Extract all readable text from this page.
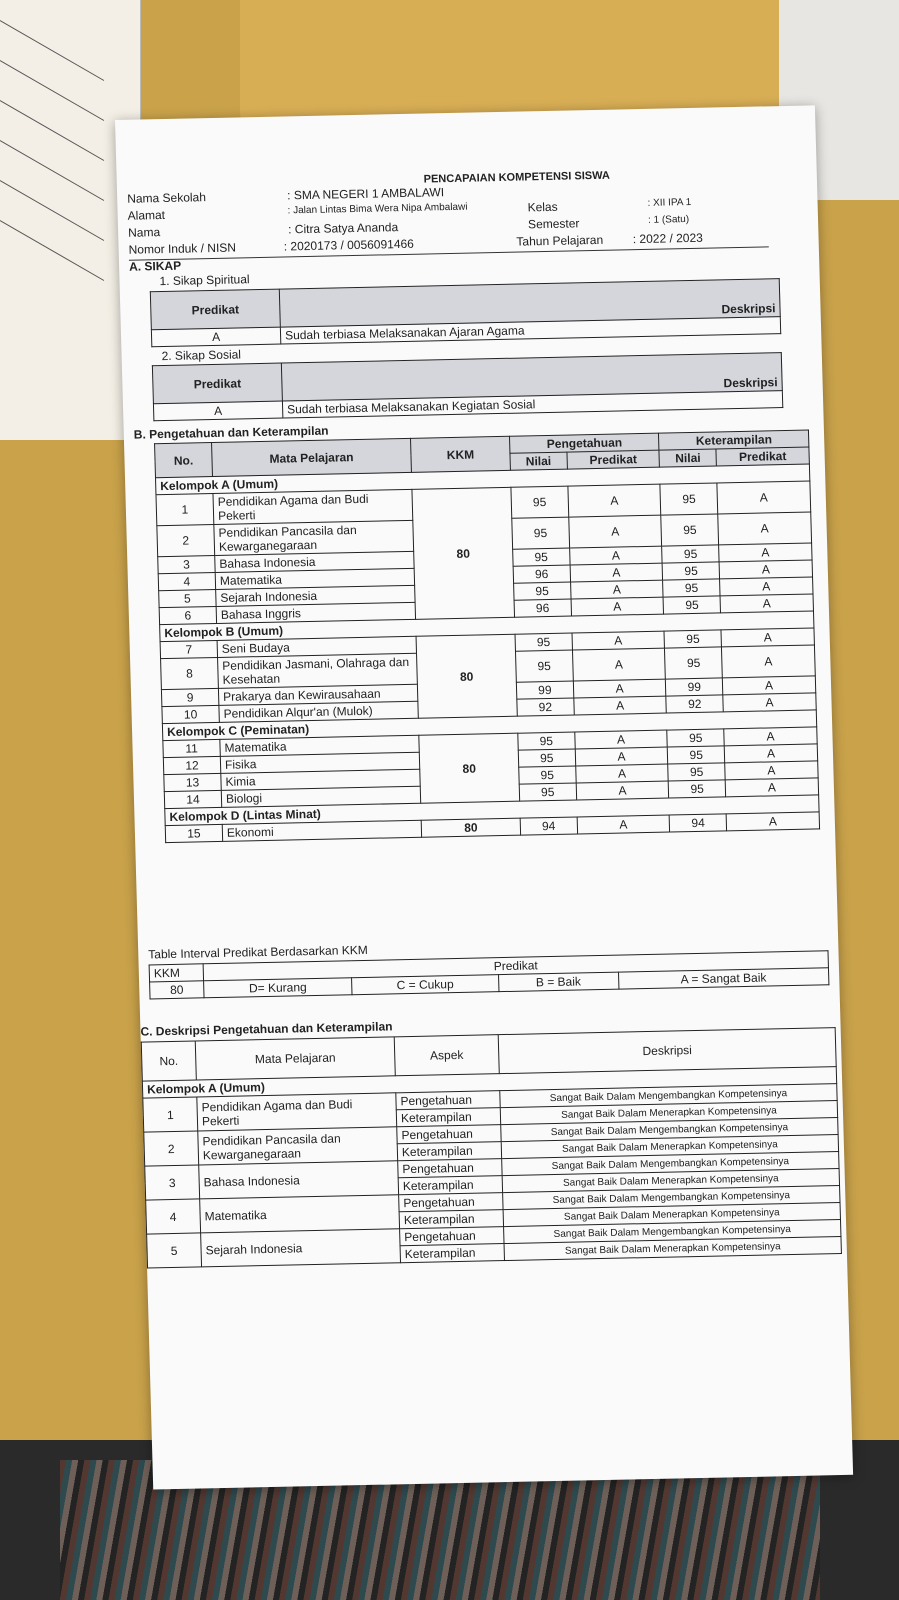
PENCAPAIAN KOMPETENSI SISWA
Nama Sekolah	: SMA NEGERI 1 AMBALAWI
Alamat	: Jalan Lintas Bima Wera Nipa Ambalawi	Kelas	: XII IPA 1
Nama	: Citra Satya Ananda	Semester	: 1 (Satu)
Nomor Induk / NISN	: 2020173 / 0056091466	Tahun Pelajaran	: 2022 / 2023
A. SIKAP
1. Sikap Spiritual
Predikat	Deskripsi
A	Sudah terbiasa Melaksanakan Ajaran Agama
2. Sikap Sosial
Predikat	Deskripsi
A	Sudah terbiasa Melaksanakan Kegiatan Sosial
B. Pengetahuan dan Keterampilan
No.	Mata Pelajaran	KKM	Pengetahuan		Keterampilan	
			Nilai	Predikat	Nilai	Predikat
Kelompok A (Umum)						
1	Pendidikan Agama dan Budi Pekerti	80	95	A	95	A
2	Pendidikan Pancasila dan Kewarganegaraan		95	A	95	A
3	Bahasa Indonesia		95	A	95	A
4	Matematika		96	A	95	A
5	Sejarah Indonesia		95	A	95	A
6	Bahasa Inggris		96	A	95	A
Kelompok B (Umum)						
7	Seni Budaya	80	95	A	95	A
8	Pendidikan Jasmani, Olahraga dan Kesehatan		95	A	95	A
9	Prakarya dan Kewirausahaan		99	A	99	A
10	Pendidikan Alqur'an (Mulok)		92	A	92	A
Kelompok C (Peminatan)						
11	Matematika	80	95	A	95	A
12	Fisika		95	A	95	A
13	Kimia		95	A	95	A
14	Biologi		95	A	95	A
Kelompok D (Lintas Minat)						
15	Ekonomi	80	94	A	94	A
Table Interval Predikat Berdasarkan KKM
KKM	Predikat			
80	D= Kurang	C = Cukup	B = Baik	A = Sangat Baik
C. Deskripsi Pengetahuan dan Keterampilan
No.	Mata Pelajaran	Aspek	Deskripsi
Kelompok A (Umum)			
1	Pendidikan Agama dan Budi Pekerti	Pengetahuan	Sangat Baik Dalam Mengembangkan Kompetensinya
		Keterampilan	Sangat Baik Dalam Menerapkan Kompetensinya
2	Pendidikan Pancasila dan Kewarganegaraan	Pengetahuan	Sangat Baik Dalam Mengembangkan Kompetensinya
		Keterampilan	Sangat Baik Dalam Menerapkan Kompetensinya
3	Bahasa Indonesia	Pengetahuan	Sangat Baik Dalam Mengembangkan Kompetensinya
		Keterampilan	Sangat Baik Dalam Menerapkan Kompetensinya
4	Matematika	Pengetahuan	Sangat Baik Dalam Mengembangkan Kompetensinya
		Keterampilan	Sangat Baik Dalam Menerapkan Kompetensinya
5	Sejarah Indonesia	Pengetahuan	Sangat Baik Dalam Mengembangkan Kompetensinya
		Keterampilan	Sangat Baik Dalam Menerapkan Kompetensinya
